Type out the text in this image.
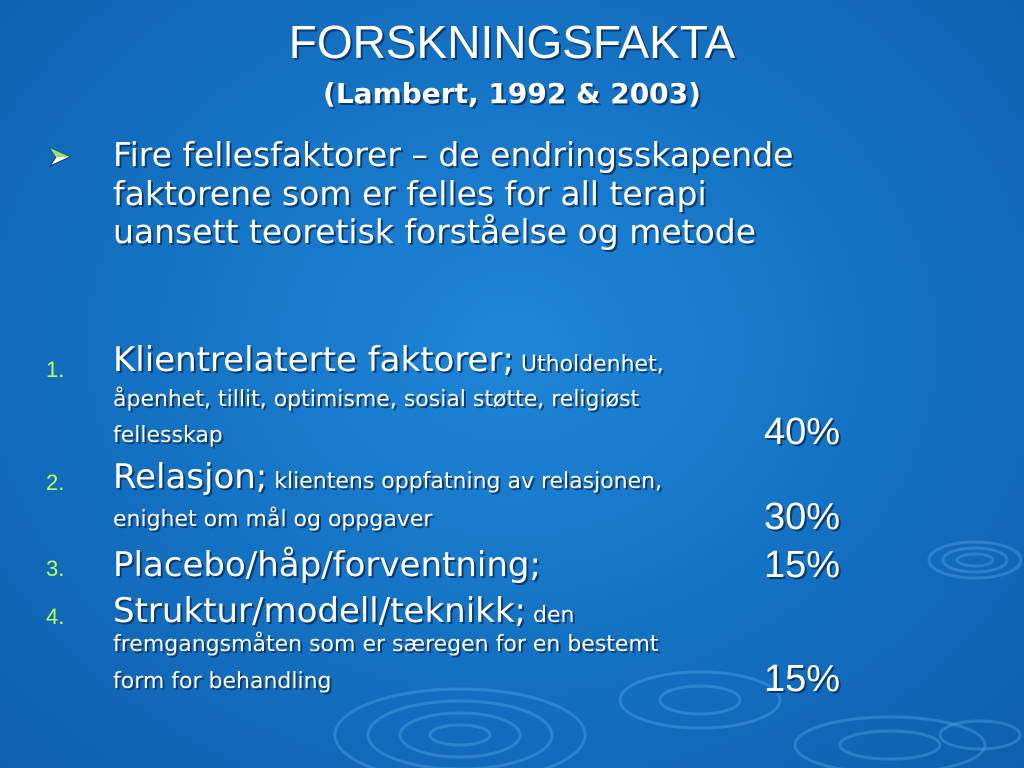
FORSKNINGSFAKTA
(Lambert, 1992 & 2003)
Fire fellesfaktorer – de endringsskapende faktorene som er felles for all terapi uansett teoretisk forståelse og metode
1.	Klientrelaterte faktorer; Utholdenhet,
åpenhet, tillit, optimisme, sosial støtte, religiøst
fellesskap	40%
2.	Relasjon; klientens oppfatning av relasjonen,
enighet om mål og oppgaver	30%
3.	Placebo/håp/forventning;	15%
4.	Struktur/modell/teknikk; den
fremgangsmåten som er særegen for en bestemt
form for behandling	15%
